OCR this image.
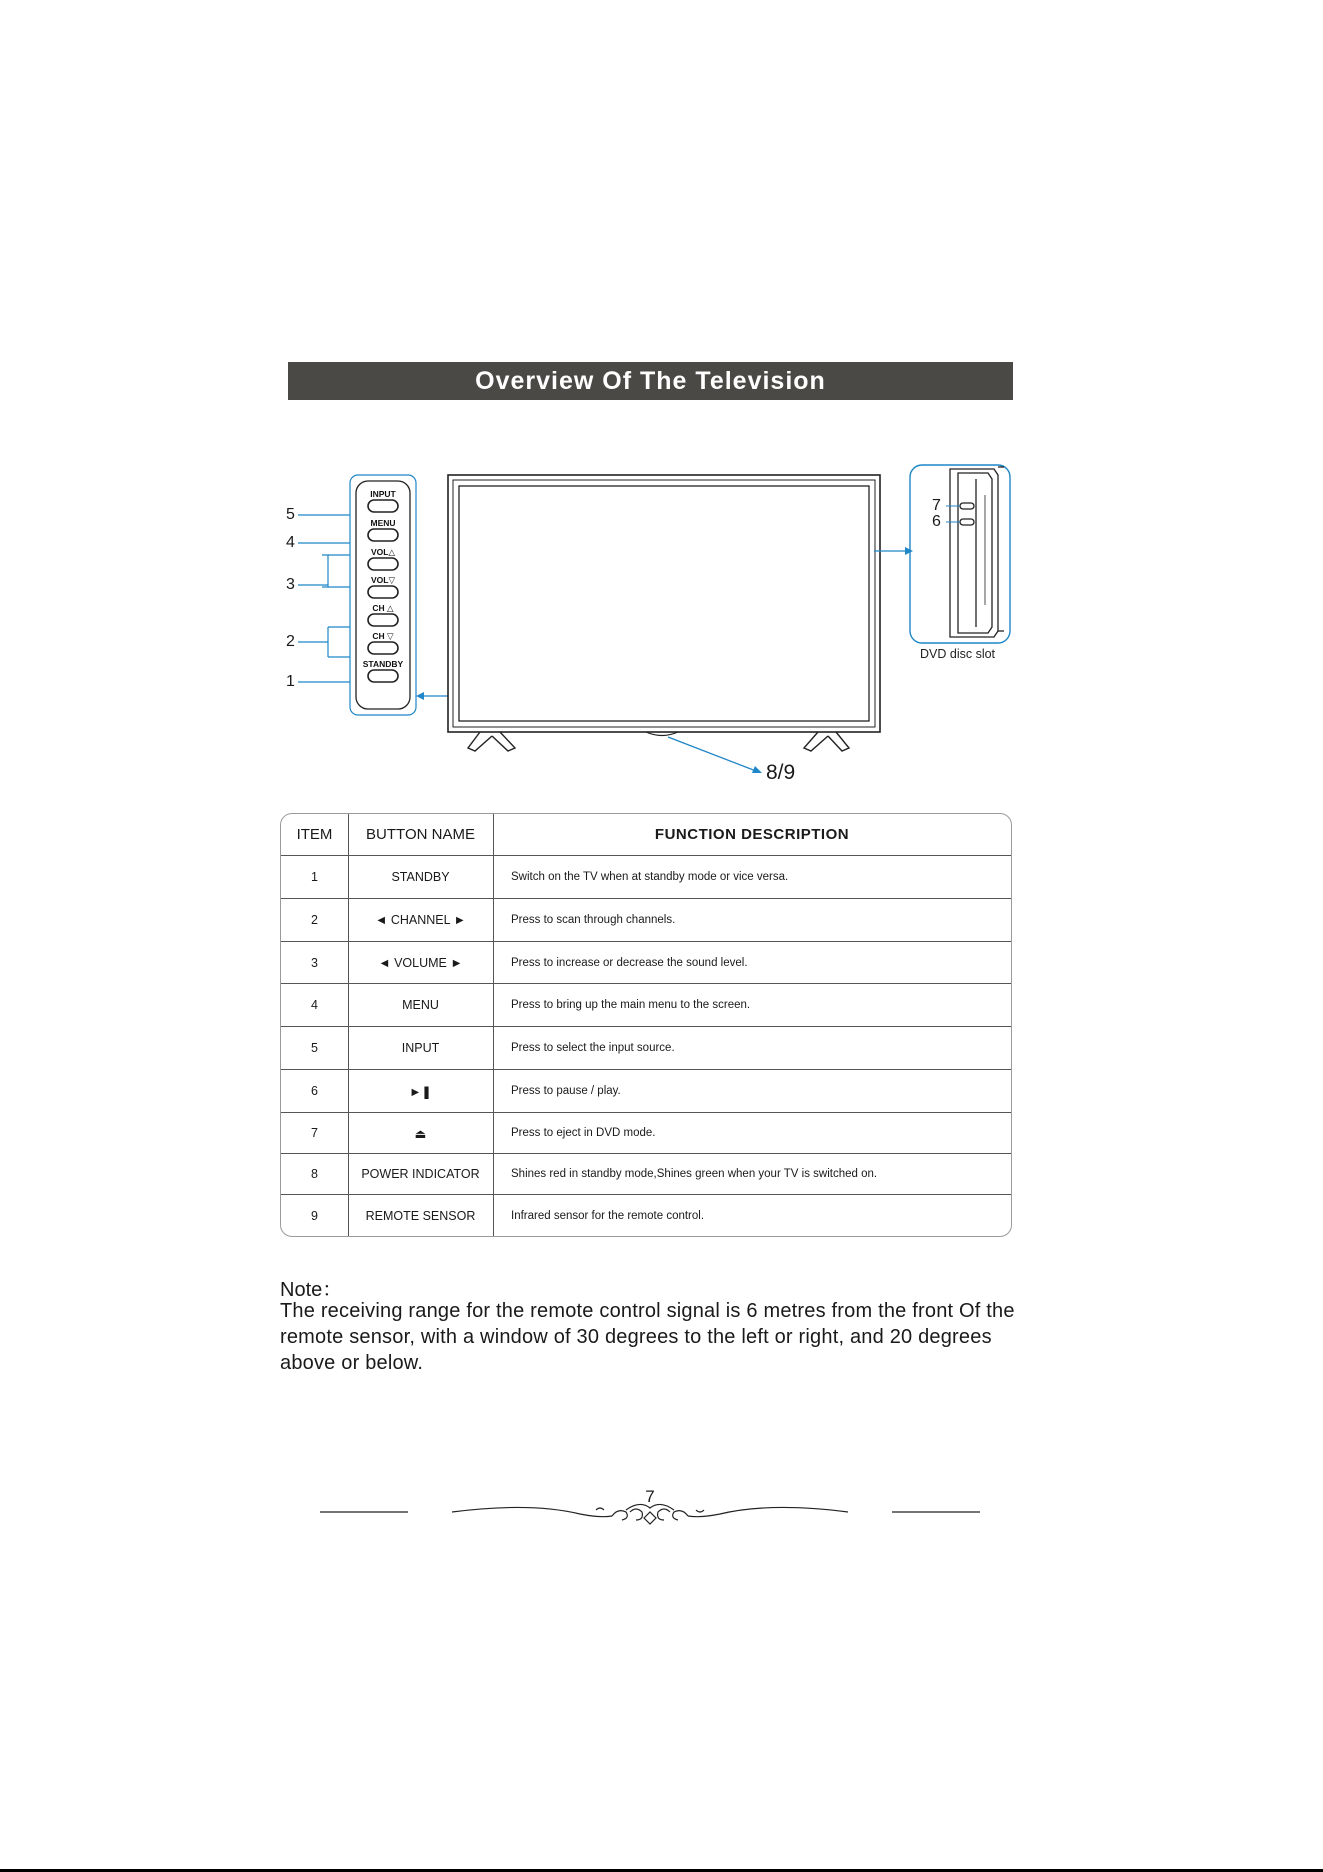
Overview Of The Television
5
4
3
2
1
INPUT
MENU
VOL△
VOL▽
CH △
CH ▽
STANDBY
7
6
DVD disc slot
8/9
ITEM	BUTTON NAME	FUNCTION DESCRIPTION
1	STANDBY	Switch on the TV when at standby mode or vice versa.
2	◄ CHANNEL ►	Press to scan through channels.
3	◄ VOLUME ►	Press to increase or decrease the sound level.
4	MENU	Press to bring up the main menu to the screen.
5	INPUT	Press to select the input source.
6	►❚	Press to pause / play.
7	⏏	Press to eject in DVD mode.
8	POWER INDICATOR	Shines red in standby mode,Shines green when your TV is switched on.
9	REMOTE SENSOR	Infrared sensor for the remote control.
Note：
The receiving range for the remote control signal is 6 metres from the front Of the remote sensor, with a window of 30 degrees to the left or right, and 20 degrees above or below.
7
